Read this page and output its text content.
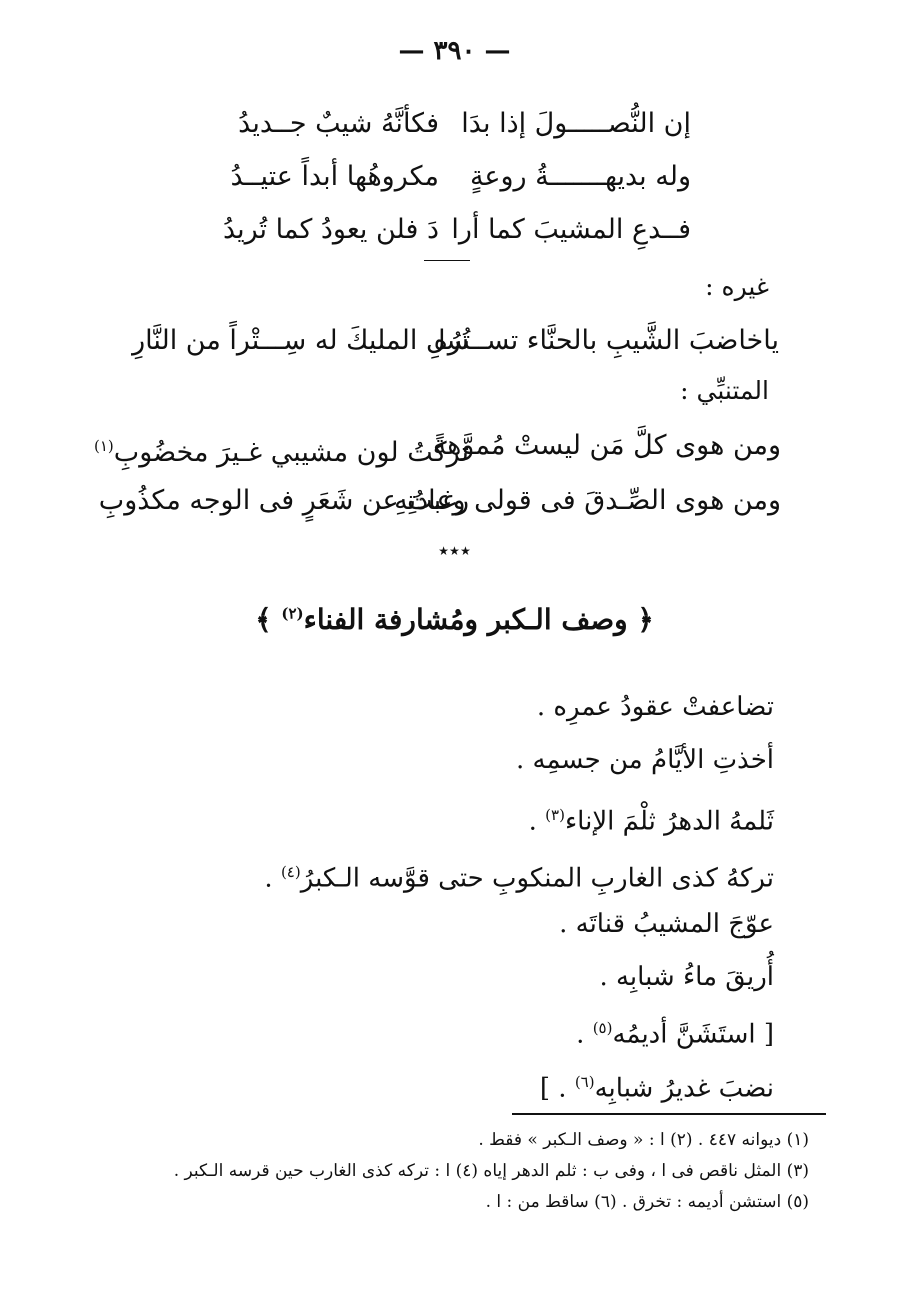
— ٣٩٠ —
إن النُّصـــــولَ إذا بدَا
فكأنَّهُ شيبٌ جــديدُ
وله بديهـــــــةُ روعةٍ
مكروهُها أبداً عتيــدُ
فــدعِ المشيبَ كما أرا
دَ فلن يعودُ كما تُريدُ
غيره :
ياخاضبَ الشَّيبِ بالحنَّاء تســتُرُه
سلِ المليكَ له سِـــتْراً من النَّارِ
المتنبِّي :
ومن هوى كلَّ مَن ليستْ مُموَّهةً
تركتُ لون مشيبي غـيرَ مخضُوبِ$^{(١)}$
ومن هوى الصِّـدقَ فى قولى وعادتِهِ
رغبتُ عن شَعَرٍ فى الوجه مكذُوبِ
٭٭٭
﴿ وصف الـكبر ومُشارفة الفناء$^{(٢)}$ ﴾
تضاعفتْ عقودُ عمرِه .
أخذتِ الأيَّامُ من جسمِه .
ثَلمهُ الدهرُ ثلْمَ الإناء$^{(٣)}$ .
تركهُ كذى الغاربِ المنكوبِ حتى قوَّسه الـكبرُ$^{(٤)}$ .
عوّجَ المشيبُ قناتَه .
أُريقَ ماءُ شبابِه .
[ استَشَنَّ أديمُه$^{(٥)}$ .
نضبَ غديرُ شبابِه$^{(٦)}$ . ]
(١) ديوانه ٤٤٧ . (٢) ا : « وصف الـكبر » فقط .
(٣) المثل ناقص فى ا ، وفى ب : ثلم الدهر إياه (٤) ا : تركه كذى الغارب حين قرسه الـكبر .
(٥) استشن أديمه : تخرق . (٦) ساقط من : ا .
